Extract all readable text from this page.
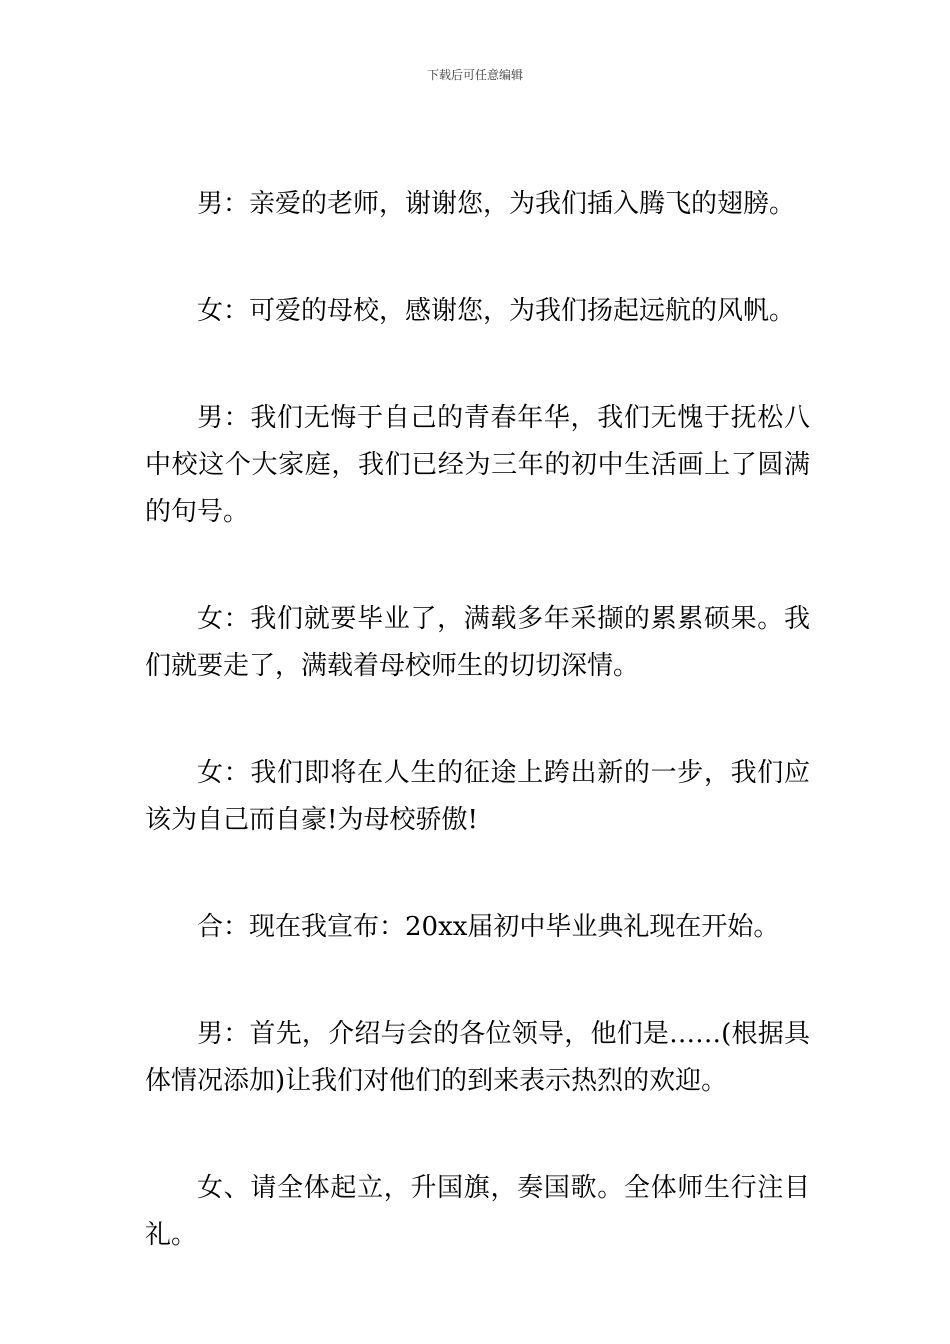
下载后可任意编辑

男：亲爱的老师，谢谢您，为我们插入腾飞的翅膀。

女：可爱的母校，感谢您，为我们扬起远航的风帆。

男：我们无悔于自己的青春年华，我们无愧于抚松八中校这个大家庭，我们已经为三年的初中生活画上了圆满的句号。

女：我们就要毕业了，满载多年采撷的累累硕果。我们就要走了，满载着母校师生的切切深情。

女：我们即将在人生的征途上跨出新的一步，我们应该为自己而自豪!为母校骄傲!

合：现在我宣布：20xx届初中毕业典礼现在开始。

男：首先，介绍与会的各位领导，他们是……(根据具体情况添加)让我们对他们的到来表示热烈的欢迎。

女、请全体起立，升国旗，奏国歌。全体师生行注目礼。
